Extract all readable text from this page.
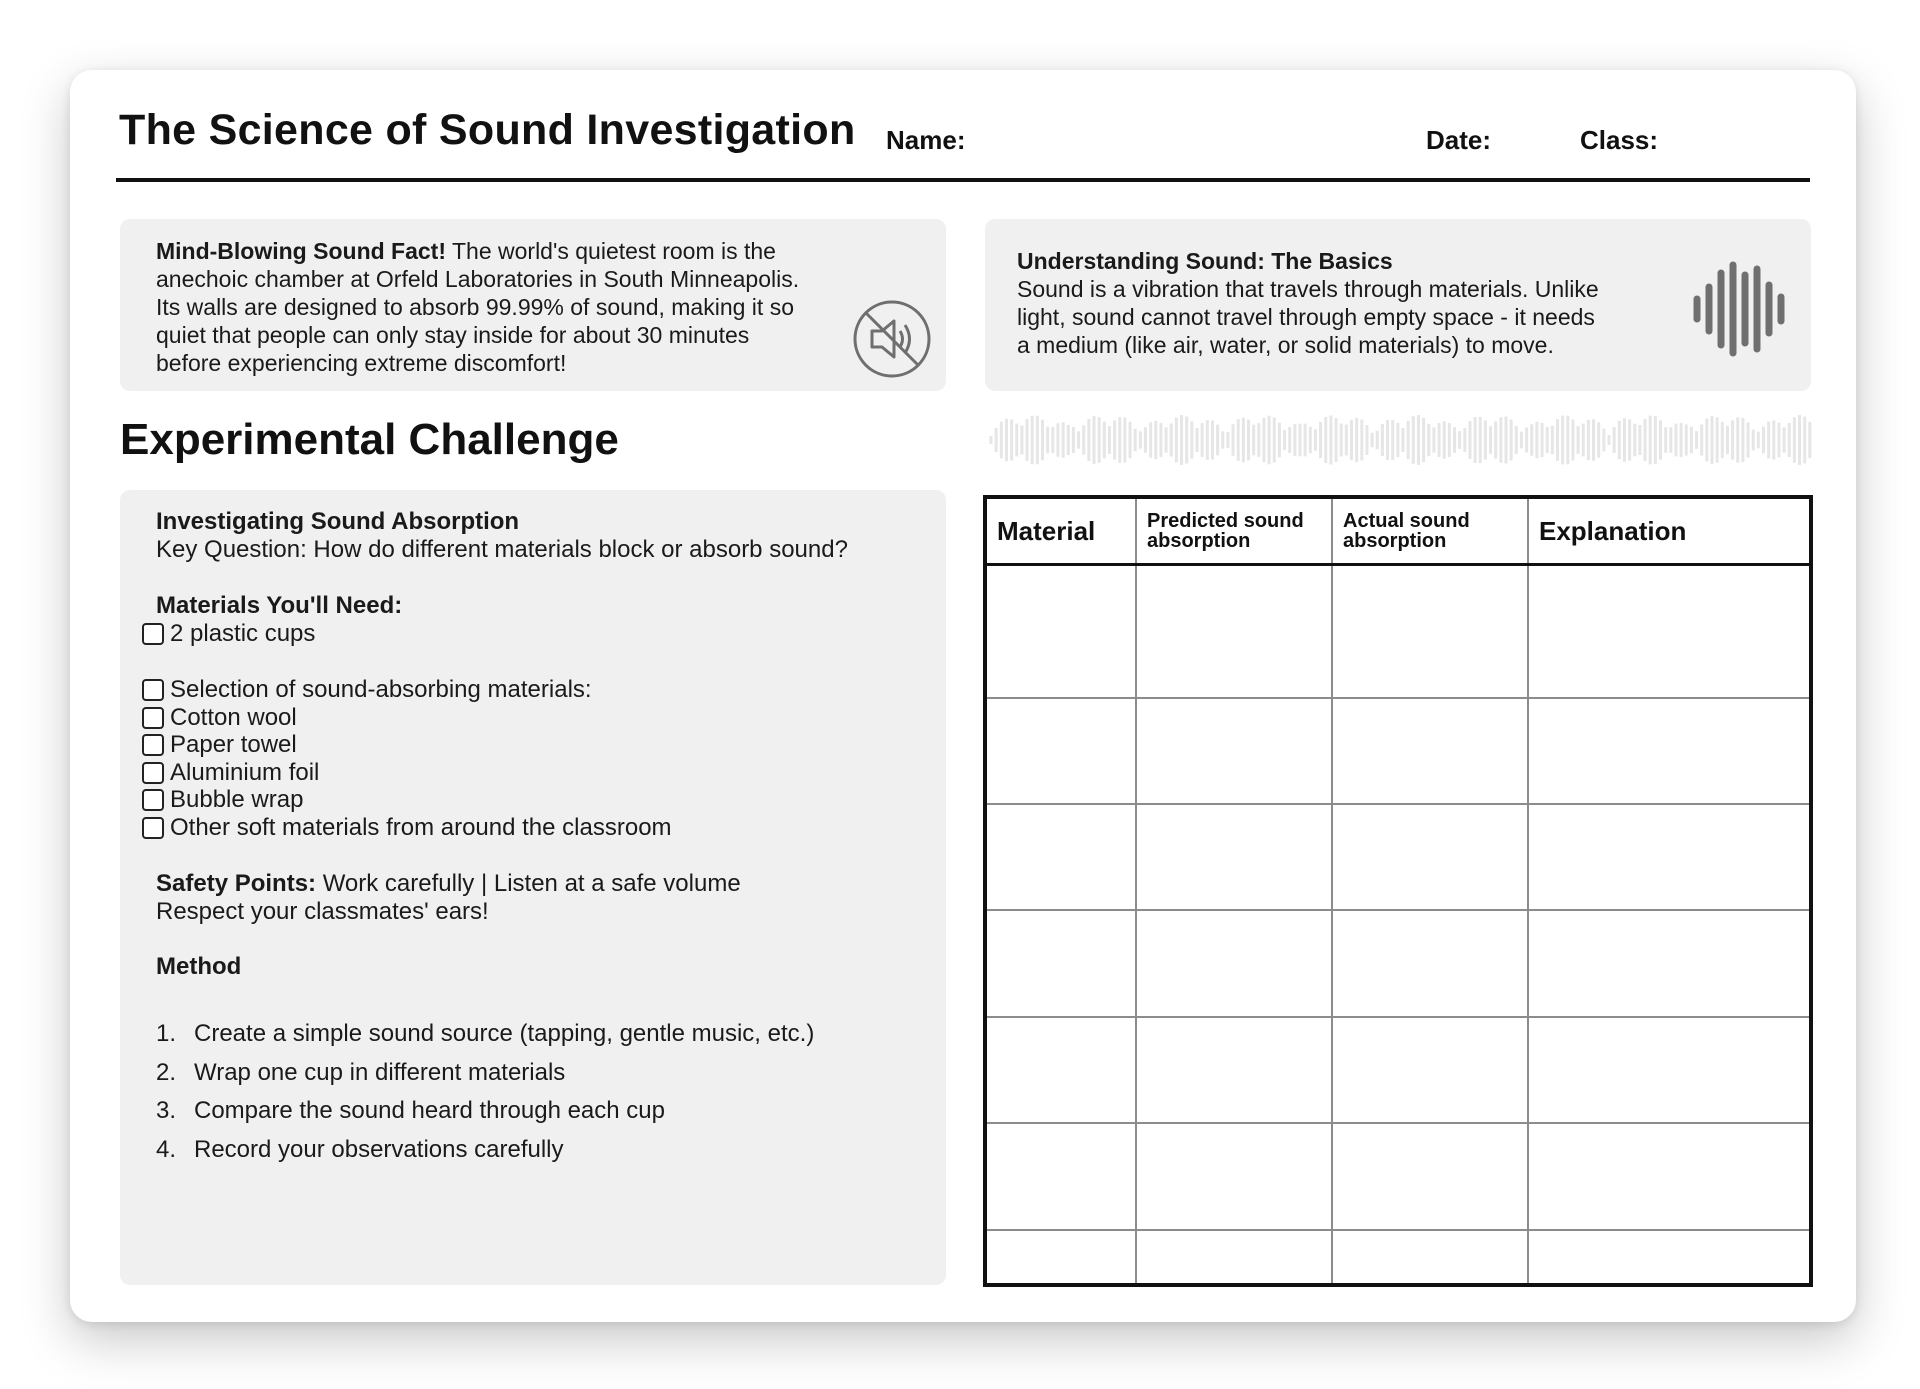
The Science of Sound Investigation Name:	Date:	Class:
Mind-Blowing Sound Fact! The world's quietest room is the
anechoic chamber at Orfeld Laboratories in South Minneapolis.
Its walls are designed to absorb 99.99% of sound, making it so
quiet that people can only stay inside for about 30 minutes
before experiencing extreme discomfort!
Understanding Sound: The Basics
Sound is a vibration that travels through materials. Unlike
light, sound cannot travel through empty space - it needs
a medium (like air, water, or solid materials) to move.
Experimental Challenge
Investigating Sound Absorption
Key Question: How do different materials block or absorb sound?
Materials You'll Need:
2 plastic cups
Selection of sound-absorbing materials:
Cotton wool
Paper towel
Aluminium foil
Bubble wrap
Other soft materials from around the classroom
Safety Points: Work carefully | Listen at a safe volume
Respect your classmates' ears!
Method
1. Create a simple sound source (tapping, gentle music, etc.)
2. Wrap one cup in different materials
3. Compare the sound heard through each cup
4. Record your observations carefully
Material	Predicted sound absorption	Actual sound absorption	Explanation
